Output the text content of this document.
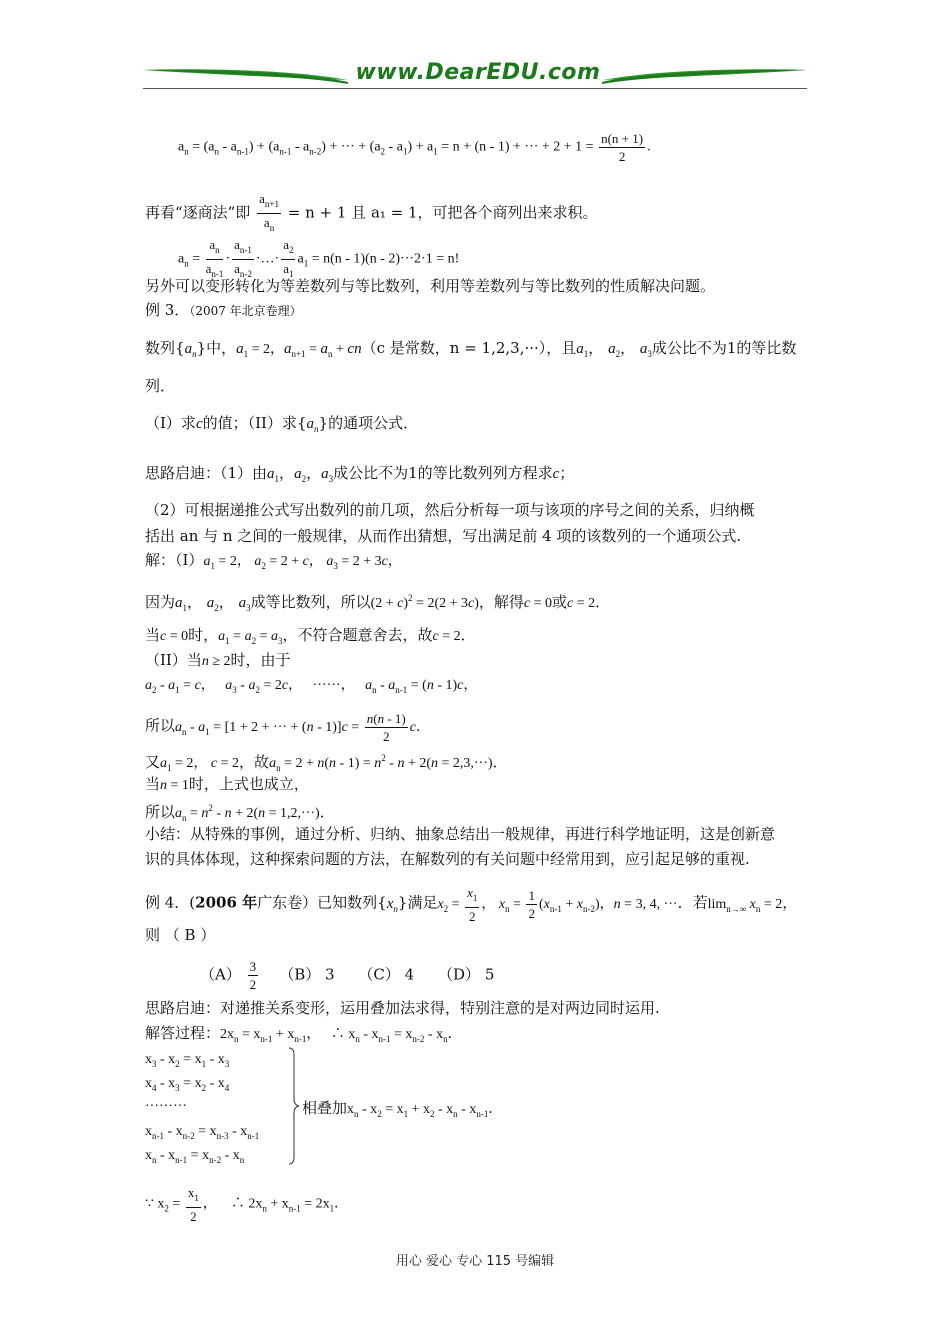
www.DearEDU.com
$a_n = (a_n - a_{n-1}) + (a_{n-1} - a_{n-2})$ + ··· + $(a_2 - a_1) + a_1 = n + (n - 1)$ + ··· + $2 + 1 = \frac{n(n + 1)}{2}$ .
再看“逐商法”即 $\frac{a_{n+1}}{a_n} = n + 1$ 且 a₁ = 1，可把各个商列出来求积。
$a_n = \frac{a_n}{a_{n-1}} \cdot \frac{a_{n-1}}{a_{n-2}}$ ·…· $\frac{a_2}{a_1} a_1 = n(n - 1)(n - 2)\cdot\cdot\cdot 2\cdot 1 = n$!
另外可以变形转化为等差数列与等比数列，利用等差数列与等比数列的性质解决问题。
例 3．（2007 年北京卷理）
数列$\{a_n\}$中，$a_1 = 2$，$a_{n+1} = a_n + cn(c$ 是常数，n = 1,2,3,···），且$a_1$， $a_2$， $a_3$成公比不为1的等比数
列．
（I）求c的值；（II）求$\{a_n\}$的通项公式．
思路启迪：（1）由$a_1$，$a_2$，$a_3$成公比不为1的等比数列列方程求c；
（2）可根据递推公式写出数列的前几项，然后分析每一项与该项的序号之间的关系，归纳概
括出 an 与 n 之间的一般规律，从而作出猜想，写出满足前 4 项的该数列的一个通项公式.
解：$(I)a_1 = 2$， $a_2 = 2 + c$， $a_3 = 2 + 3c$，
因为$a_1$， $a_2$， $a_3$成等比数列，所以$(2 + c)^2 = 2(2 + 3c)$，解得c = 0或c = 2．
当c = 0时，$a_1 = a_2 = a_3$，不符合题意舍去，故c = 2．
（II）当n ≥ 2时，由于
$a_2 - a_1 = c$，   $a_3 - a_2 = 2c$，   ······，   $a_n - a_{n-1} = (n - 1)c$，
所以$a_n - a_1 = [1 + 2$ + ··· + $(n - 1)]c = \frac{n(n - 1)}{2}$ c．
又$a_1 = 2$， c = 2，故$a_n = 2 + n(n - 1) = n^2 - n + 2(n = 2,3,\cdot\cdot\cdot)$．
当n = 1时，上式也成立，
所以$a_n = n^2 - n + 2(n = 1,2,\cdot\cdot\cdot)$．
小结：从特殊的事例，通过分析、归纳、抽象总结出一般规律，再进行科学地证明，这是创新意
识的具体体现，这种探索问题的方法，在解数列的有关问题中经常用到，应引起足够的重视.
例 4．(2006 年广东卷）已知数列$\{x_n\}$满足$x_2 = \frac{x_1}{2}$ ， $x_n = \frac{1}{2} (x_{n-1} + x_{n-2})$，n = 3, 4, ···．若$\lim_{n\to\infty} x_n = 2$，
则 （ B ）
$(A) \frac{3}{2} (B)$ 3 （C） 4 （D） 5
思路启迪：对递推关系变形，运用叠加法求得，特别注意的是对两边同时运用.
解答过程：$2x_n = x_{n-1} + x_{n-1}$，   ∴ $x_n - x_{n-1} = x_{n-2} - x_n$．
$x_3 - x_2 = x_1 - x_3$
$x_4 - x_3 = x_2 - x_4$
·········
$x_{n-1} - x_{n-2} = x_{n-3} - x_{n-1}$
$x_n - x_{n-1} = x_{n-2} - x_n$
相叠加$x_n - x_2 = x_1 + x_2 - x_n - x_{n-1}$．
∵ $x_2 = \frac{x_1}{2}$ ，    ∴ $2x_n + x_{n-1} = 2x_1$．
用心 爱心 专心 115 号编辑
